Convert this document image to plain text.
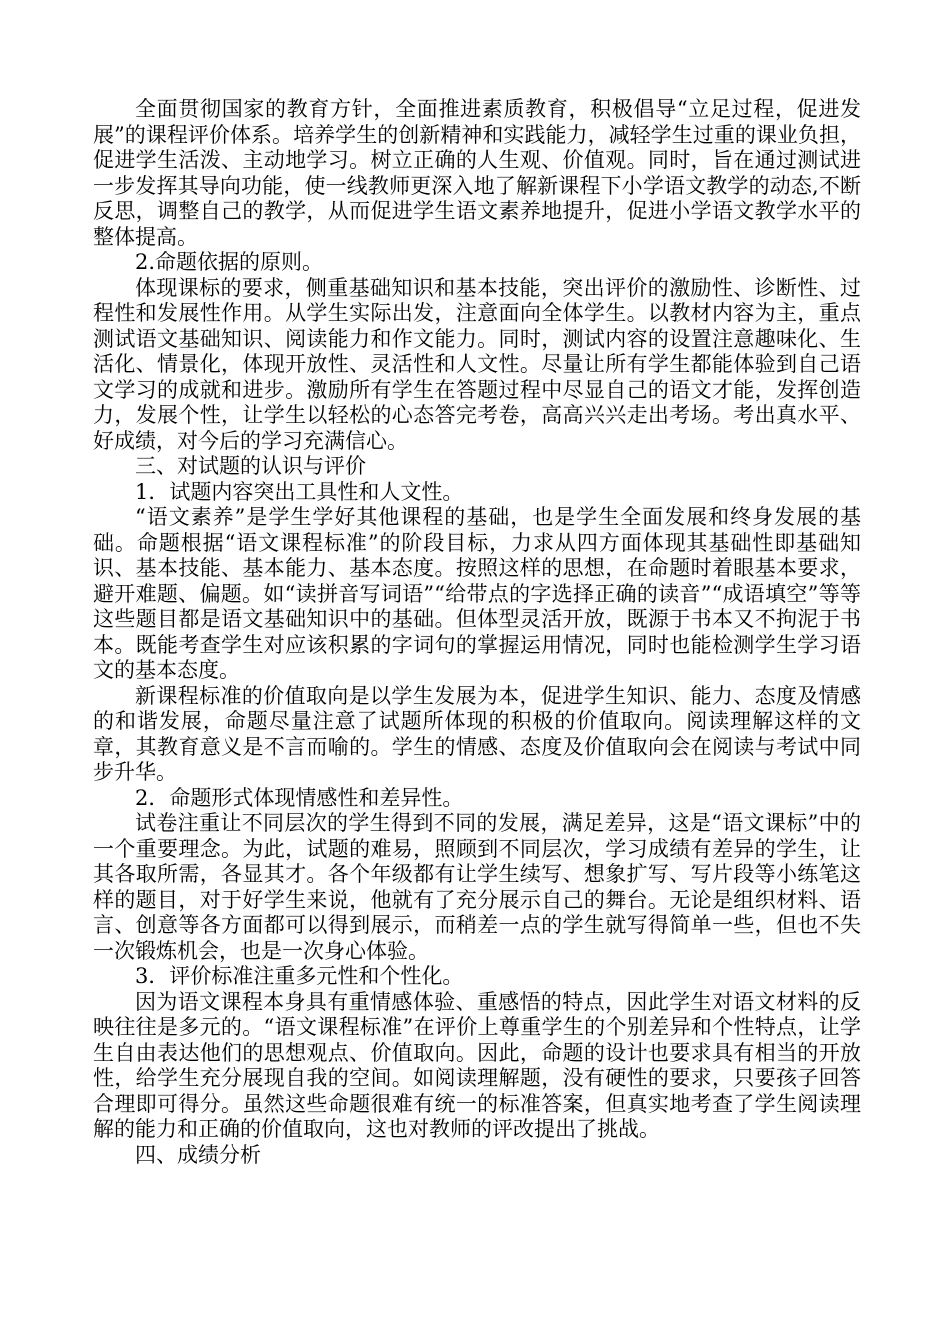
全面贯彻国家的教育方针，全面推进素质教育，积极倡导“立足过程，促进发展”的课程评价体系。培养学生的创新精神和实践能力，减轻学生过重的课业负担，促进学生活泼、主动地学习。树立正确的人生观、价值观。同时，旨在通过测试进一步发挥其导向功能，使一线教师更深入地了解新课程下小学语文教学的动态,不断反思，调整自己的教学，从而促进学生语文素养地提升，促进小学语文教学水平的整体提高。

2.命题依据的原则。

体现课标的要求，侧重基础知识和基本技能，突出评价的激励性、诊断性、过程性和发展性作用。从学生实际出发，注意面向全体学生。以教材内容为主，重点测试语文基础知识、阅读能力和作文能力。同时，测试内容的设置注意趣味化、生活化、情景化，体现开放性、灵活性和人文性。尽量让所有学生都能体验到自己语文学习的成就和进步。激励所有学生在答题过程中尽显自己的语文才能，发挥创造力，发展个性，让学生以轻松的心态答完考卷，高高兴兴走出考场。考出真水平、好成绩，对今后的学习充满信心。

三、对试题的认识与评价

1．试题内容突出工具性和人文性。

“语文素养”是学生学好其他课程的基础，也是学生全面发展和终身发展的基础。命题根据“语文课程标准”的阶段目标，力求从四方面体现其基础性即基础知识、基本技能、基本能力、基本态度。按照这样的思想，在命题时着眼基本要求，避开难题、偏题。如“读拼音写词语”“给带点的字选择正确的读音”“成语填空”等等这些题目都是语文基础知识中的基础。但体型灵活开放，既源于书本又不拘泥于书本。既能考查学生对应该积累的字词句的掌握运用情况，同时也能检测学生学习语文的基本态度。

新课程标准的价值取向是以学生发展为本，促进学生知识、能力、态度及情感的和谐发展，命题尽量注意了试题所体现的积极的价值取向。阅读理解这样的文章，其教育意义是不言而喻的。学生的情感、态度及价值取向会在阅读与考试中同步升华。

2．命题形式体现情感性和差异性。

试卷注重让不同层次的学生得到不同的发展，满足差异，这是“语文课标”中的一个重要理念。为此，试题的难易，照顾到不同层次，学习成绩有差异的学生，让其各取所需，各显其才。各个年级都有让学生续写、想象扩写、写片段等小练笔这样的题目，对于好学生来说，他就有了充分展示自己的舞台。无论是组织材料、语言、创意等各方面都可以得到展示，而稍差一点的学生就写得简单一些，但也不失一次锻炼机会，也是一次身心体验。

3．评价标准注重多元性和个性化。

因为语文课程本身具有重情感体验、重感悟的特点，因此学生对语文材料的反映往往是多元的。“语文课程标准”在评价上尊重学生的个别差异和个性特点，让学生自由表达他们的思想观点、价值取向。因此，命题的设计也要求具有相当的开放性，给学生充分展现自我的空间。如阅读理解题，没有硬性的要求，只要孩子回答合理即可得分。虽然这些命题很难有统一的标准答案，但真实地考查了学生阅读理解的能力和正确的价值取向，这也对教师的评改提出了挑战。

四、成绩分析
